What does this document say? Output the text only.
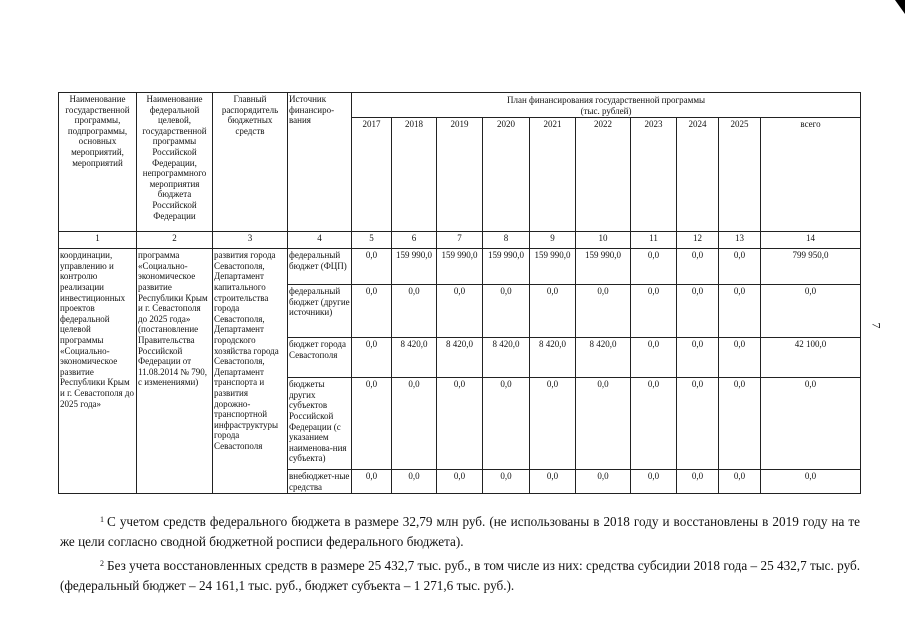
7
Наименование государственной программы, подпрограммы, основных мероприятий, мероприятий	Наименование федеральной целевой, государственной программы Российской Федерации, непрограммного мероприятия бюджета Российской Федерации	Главный распорядитель бюджетных средств	Источник финансиро-вания	План финансирования государственной программы
(тыс. рублей)									

				2017	2018	2019	2020	2021	2022	2023	2024	2025	всего
1	2	3	4	5	6	7	8	9	10	11	12	13	14
координации, управлению и контролю реализации инвестиционных проектов федеральной целевой программы «Социально-экономическое развитие Республики Крым и г. Севастополя до 2025 года»	программа «Социально-экономическое развитие Республики Крым и г. Севастополя до 2025 года» (постановление Правительства Российской Федерации от 11.08.2014 № 790, с изменениями)	развития города Севастополя, Департамент капитального строительства города Севастополя, Департамент городского хозяйства города Севастополя, Департамент транспорта и развития дорожно-транспортной инфраструктуры города Севастополя	федеральный бюджет (ФЦП)	0,0	159 990,0	159 990,0	159 990,0	159 990,0	159 990,0	0,0	0,0	0,0	799 950,0
			федеральный бюджет (другие источники)	0,0	0,0	0,0	0,0	0,0	0,0	0,0	0,0	0,0	0,0
			бюджет города Севастополя	0,0	8 420,0	8 420,0	8 420,0	8 420,0	8 420,0	0,0	0,0	0,0	42 100,0
			бюджеты других субъектов Российской Федерации (с указанием наименова-ния субъекта)	0,0	0,0	0,0	0,0	0,0	0,0	0,0	0,0	0,0	0,0
			внебюджет-ные средства	0,0	0,0	0,0	0,0	0,0	0,0	0,0	0,0	0,0	0,0

$^1$ С учетом средств федерального бюджета в размере 32,79 млн руб. (не использованы в 2018 году и восстановлены в 2019 году на те же цели согласно сводной бюджетной росписи федерального бюджета).

$^2$ Без учета восстановленных средств в размере 25 432,7 тыс. руб., в том числе из них: средства субсидии 2018 года – 25 432,7 тыс. руб. (федеральный бюджет – 24 161,1 тыс. руб., бюджет субъекта – 1 271,6 тыс. руб.).
